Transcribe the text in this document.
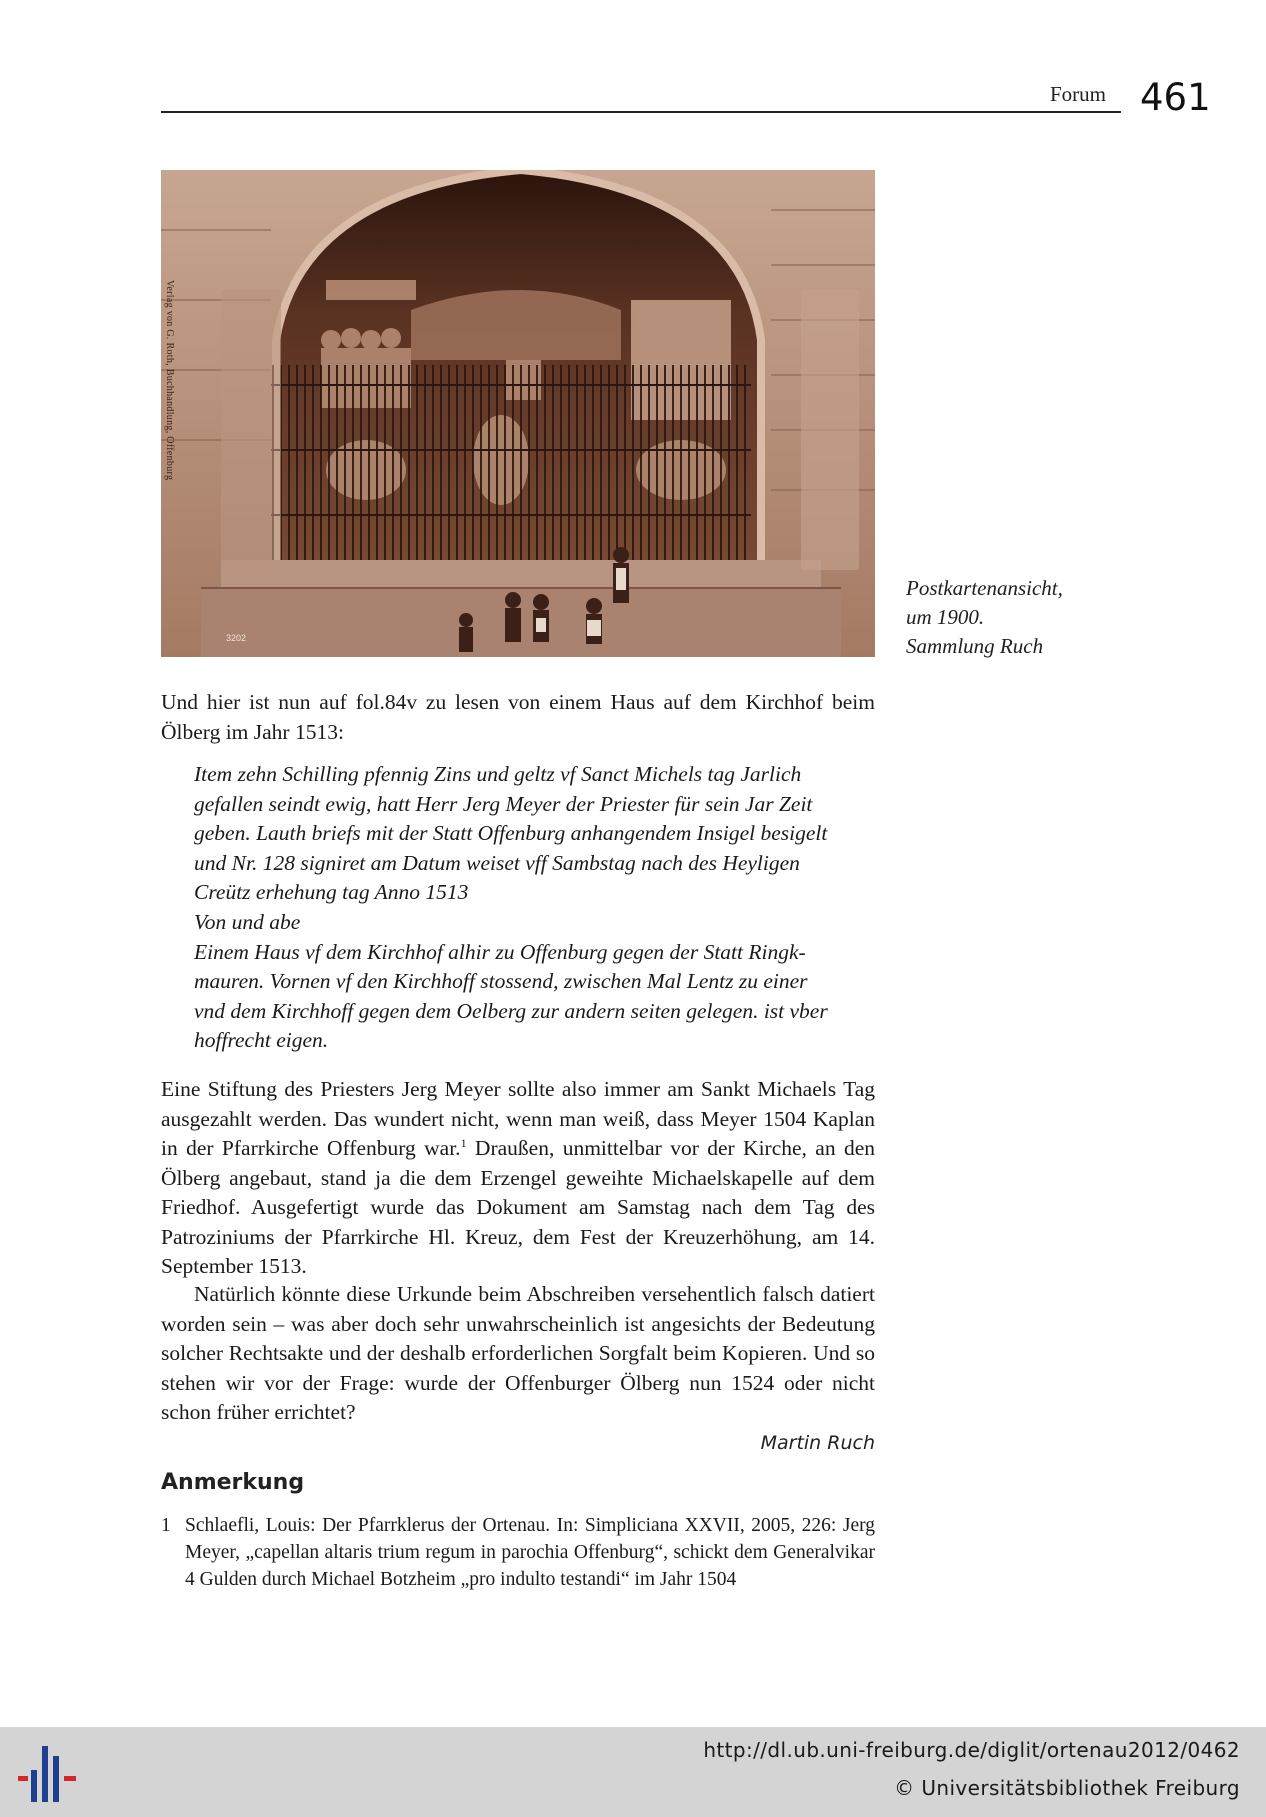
Forum 461
Verlag von G. Roth, Buchhandlung, Offenburg
3202
Postkartenansicht,
um 1900.
Sammlung Ruch
Und hier ist nun auf fol.84v zu lesen von einem Haus auf dem Kirchhof beim Ölberg im Jahr 1513:
Item zehn Schilling pfennig Zins und geltz vf Sanct Michels tag Jarlich
gefallen seindt ewig, hatt Herr Jerg Meyer der Priester für sein Jar Zeit
geben. Lauth briefs mit der Statt Offenburg anhangendem Insigel besigelt
und Nr. 128 signiret am Datum weiset vff Sambstag nach des Heyligen
Creütz erhehung tag Anno 1513
Von und abe
Einem Haus vf dem Kirchhof alhir zu Offenburg gegen der Statt Ringk-
mauren. Vornen vf den Kirchhoff stossend, zwischen Mal Lentz zu einer
vnd dem Kirchhoff gegen dem Oelberg zur andern seiten gelegen. ist vber
hoffrecht eigen.
Eine Stiftung des Priesters Jerg Meyer sollte also immer am Sankt Michaels Tag ausgezahlt werden. Das wundert nicht, wenn man weiß, dass Meyer 1504 Kaplan in der Pfarrkirche Offenburg war.$^1$ Draußen, unmittelbar vor der Kirche, an den Ölberg angebaut, stand ja die dem Erzengel geweihte Michaelskapelle auf dem Friedhof. Ausgefertigt wurde das Dokument am Samstag nach dem Tag des Patroziniums der Pfarrkirche Hl. Kreuz, dem Fest der Kreuzerhöhung, am 14. September 1513.
Natürlich könnte diese Urkunde beim Abschreiben versehentlich falsch datiert worden sein – was aber doch sehr unwahrscheinlich ist angesichts der Bedeutung solcher Rechtsakte und der deshalb erforderlichen Sorgfalt beim Kopieren. Und so stehen wir vor der Frage: wurde der Offenburger Ölberg nun 1524 oder nicht schon früher errichtet?
Martin Ruch
Anmerkung
1 Schlaefli, Louis: Der Pfarrklerus der Ortenau. In: Simpliciana XXVII, 2005, 226: Jerg Meyer, „capellan altaris trium regum in parochia Offenburg“, schickt dem Generalvikar 4 Gulden durch Michael Botzheim „pro indulto testandi“ im Jahr 1504
http://dl.ub.uni-freiburg.de/diglit/ortenau2012/0462
© Universitätsbibliothek Freiburg
